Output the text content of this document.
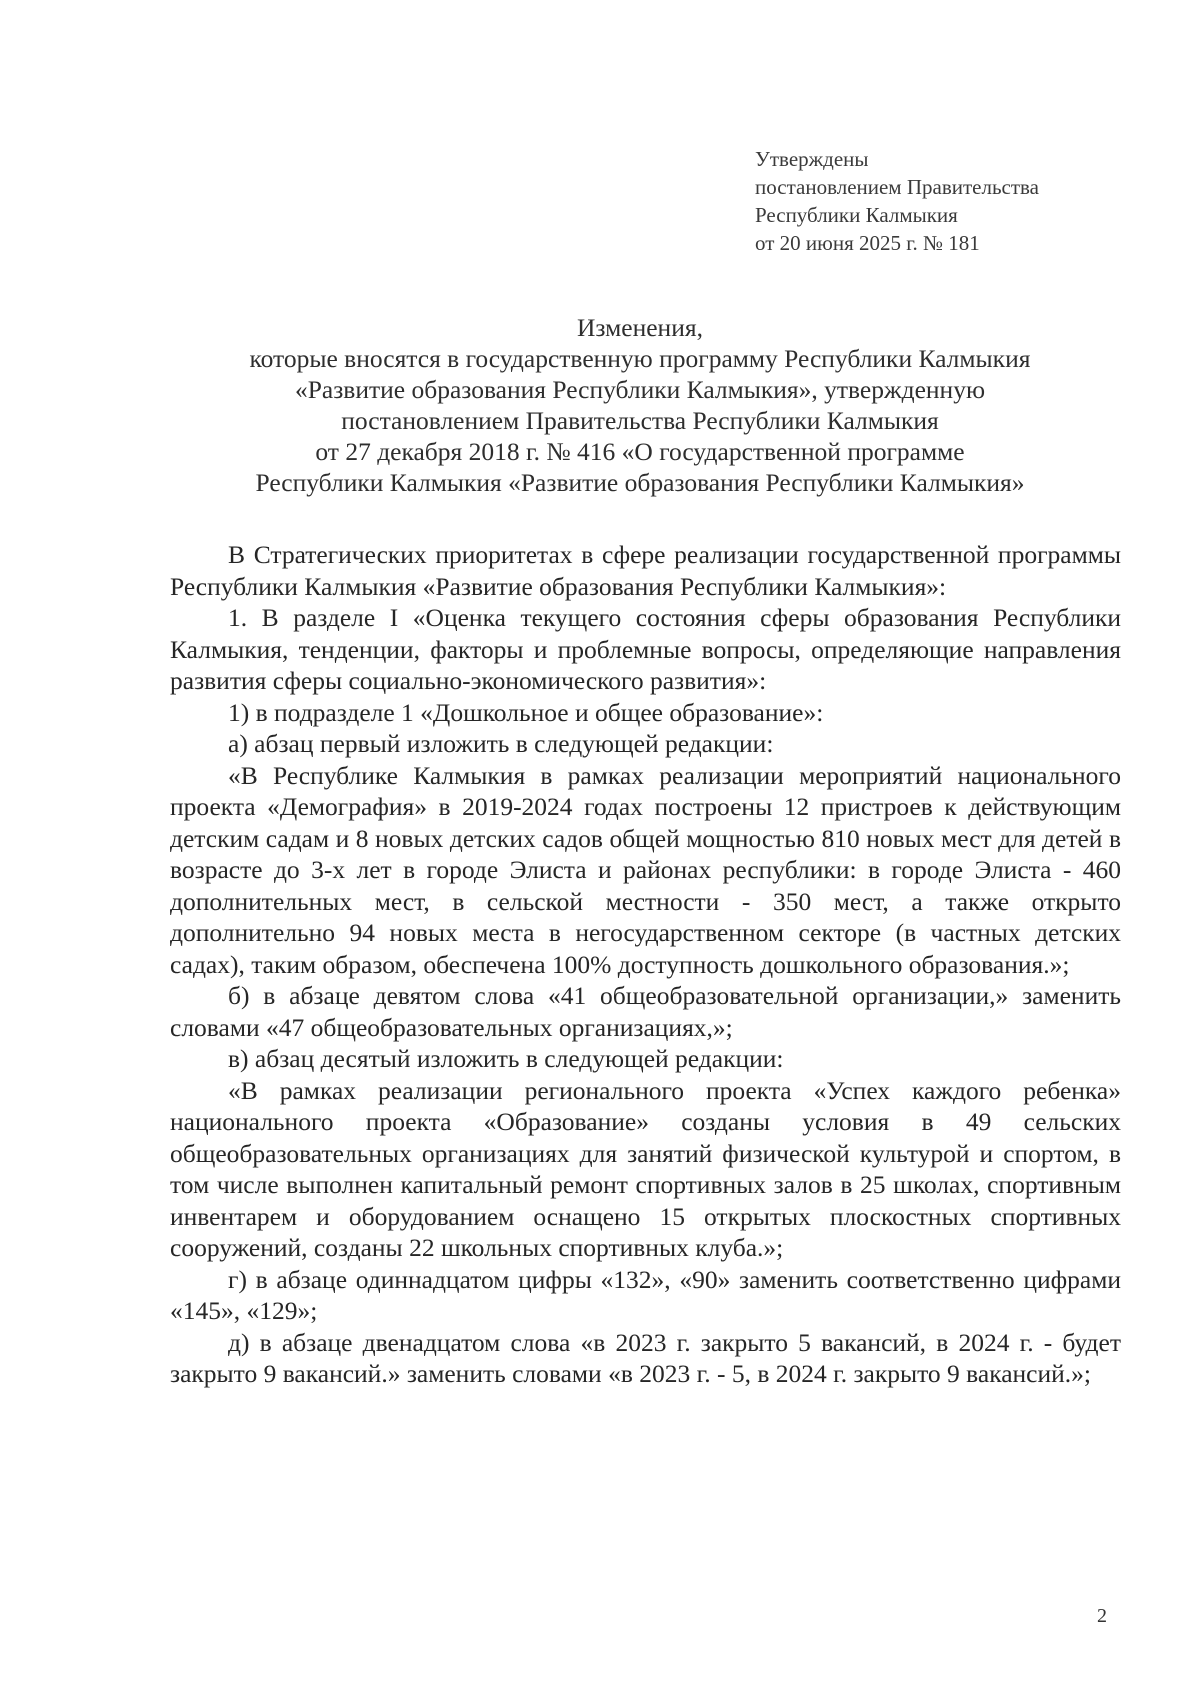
Утверждены
постановлением Правительства
Республики Калмыкия
от 20 июня 2025 г. № 181
Изменения,
которые вносятся в государственную программу Республики Калмыкия
«Развитие образования Республики Калмыкия», утвержденную
постановлением Правительства Республики Калмыкия
от 27 декабря 2018 г. № 416 «О государственной программе
Республики Калмыкия «Развитие образования Республики Калмыкия»

В Стратегических приоритетах в сфере реализации государственной программы Республики Калмыкия «Развитие образования Республики Калмыкия»:

1. В разделе I «Оценка текущего состояния сферы образования Республики Калмыкия, тенденции, факторы и проблемные вопросы, определяющие направления развития сферы социально-экономического развития»:

1) в подразделе 1 «Дошкольное и общее образование»:

а) абзац первый изложить в следующей редакции:

«В Республике Калмыкия в рамках реализации мероприятий национального проекта «Демография» в 2019-2024 годах построены 12 пристроев к действующим детским садам и 8 новых детских садов общей мощностью 810 новых мест для детей в возрасте до 3-х лет в городе Элиста и районах республики: в городе Элиста - 460 дополнительных мест, в сельской местности - 350 мест, а также открыто дополнительно 94 новых места в негосударственном секторе (в частных детских садах), таким образом, обеспечена 100% доступность дошкольного образования.»;

б) в абзаце девятом слова «41 общеобразовательной организации,» заменить словами «47 общеобразовательных организациях,»;

в) абзац десятый изложить в следующей редакции:

«В рамках реализации регионального проекта «Успех каждого ребенка» национального проекта «Образование» созданы условия в 49 сельских общеобразовательных организациях для занятий физической культурой и спортом, в том числе выполнен капитальный ремонт спортивных залов в 25 школах, спортивным инвентарем и оборудованием оснащено 15 открытых плоскостных спортивных сооружений, созданы 22 школьных спортивных клуба.»;

г) в абзаце одиннадцатом цифры «132», «90» заменить соответственно цифрами «145», «129»;

д) в абзаце двенадцатом слова «в 2023 г. закрыто 5 вакансий, в 2024 г. - будет закрыто 9 вакансий.» заменить словами «в 2023 г. - 5, в 2024 г. закрыто 9 вакансий.»;

2
